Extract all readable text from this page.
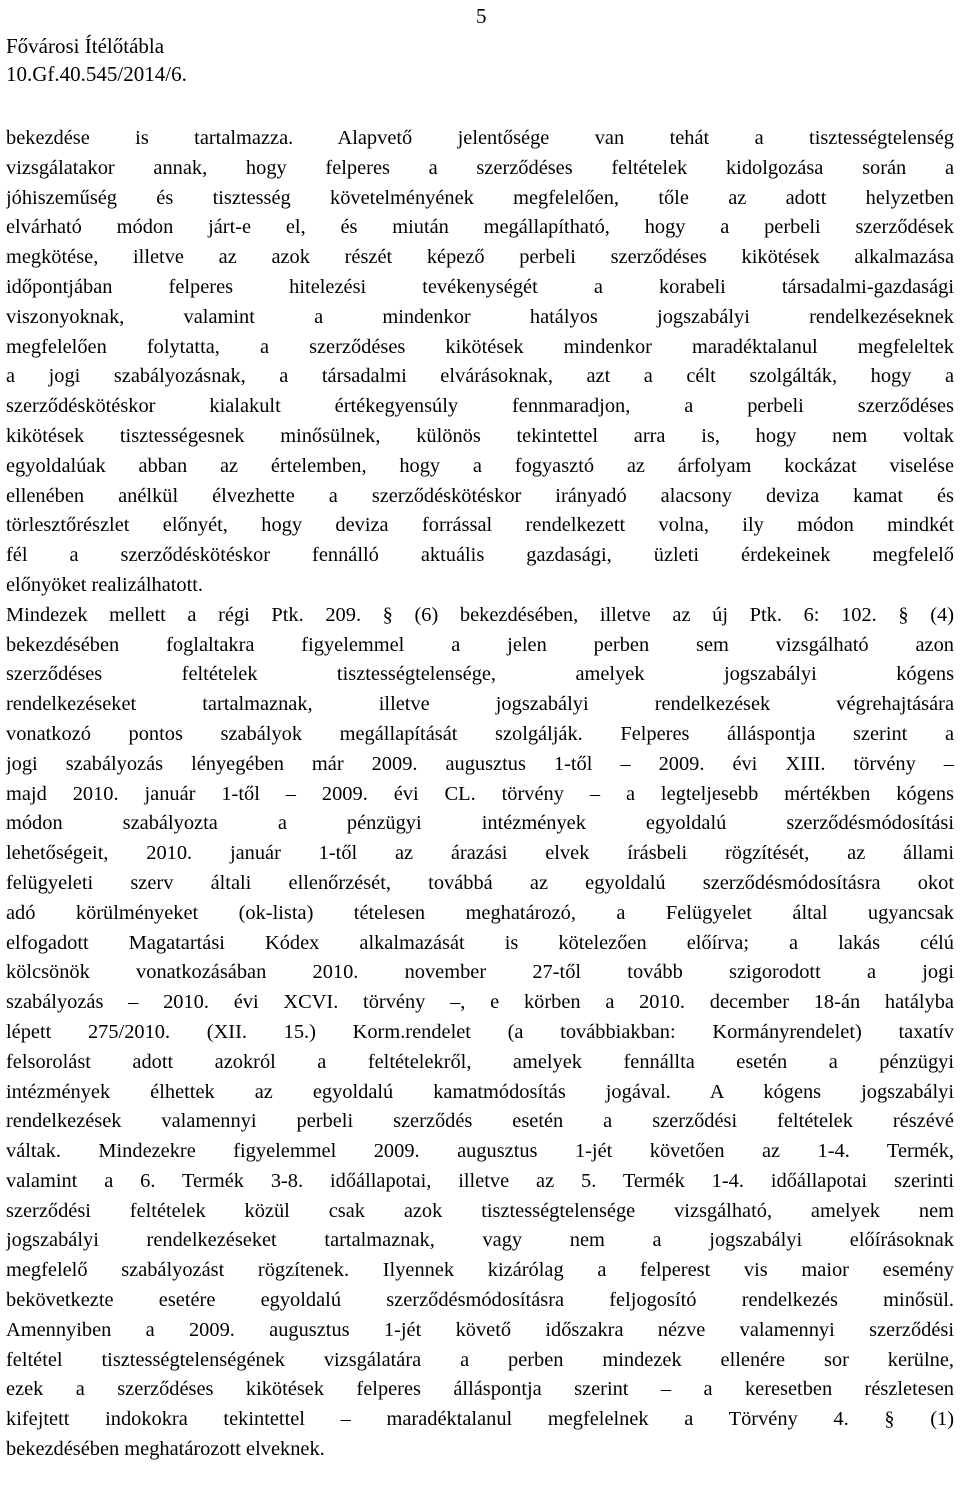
Fővárosi Ítélőtábla
10.Gf.40.545/2014/6.
5
bekezdése is tartalmazza. Alapvető jelentősége van tehát a tisztességtelenség
vizsgálatakor annak, hogy felperes a szerződéses feltételek kidolgozása során a
jóhiszeműség és tisztesség követelményének megfelelően, tőle az adott helyzetben
elvárható módon járt-e el, és miután megállapítható, hogy a perbeli szerződések
megkötése, illetve az azok részét képező perbeli szerződéses kikötések alkalmazása
időpontjában felperes hitelezési tevékenységét a korabeli társadalmi-gazdasági
viszonyoknak, valamint a mindenkor hatályos jogszabályi rendelkezéseknek
megfelelően folytatta, a szerződéses kikötések mindenkor maradéktalanul megfeleltek
a jogi szabályozásnak, a társadalmi elvárásoknak, azt a célt szolgálták, hogy a
szerződéskötéskor kialakult értékegyensúly fennmaradjon, a perbeli szerződéses
kikötések tisztességesnek minősülnek, különös tekintettel arra is, hogy nem voltak
egyoldalúak abban az értelemben, hogy a fogyasztó az árfolyam kockázat viselése
ellenében anélkül élvezhette a szerződéskötéskor irányadó alacsony deviza kamat és
törlesztőrészlet előnyét, hogy deviza forrással rendelkezett volna, ily módon mindkét
fél a szerződéskötéskor fennálló aktuális gazdasági, üzleti érdekeinek megfelelő
előnyöket realizálhatott.
Mindezek mellett a régi Ptk. 209. § (6) bekezdésében, illetve az új Ptk. 6: 102. § (4)
bekezdésében foglaltakra figyelemmel a jelen perben sem vizsgálható azon
szerződéses feltételek tisztességtelensége, amelyek jogszabályi kógens
rendelkezéseket tartalmaznak, illetve jogszabályi rendelkezések végrehajtására
vonatkozó pontos szabályok megállapítását szolgálják. Felperes álláspontja szerint a
jogi szabályozás lényegében már 2009. augusztus 1-től – 2009. évi XIII. törvény –
majd 2010. január 1-től – 2009. évi CL. törvény – a legteljesebb mértékben kógens
módon szabályozta a pénzügyi intézmények egyoldalú szerződésmódosítási
lehetőségeit, 2010. január 1-től az árazási elvek írásbeli rögzítését, az állami
felügyeleti szerv általi ellenőrzését, továbbá az egyoldalú szerződésmódosításra okot
adó körülményeket (ok-lista) tételesen meghatározó, a Felügyelet által ugyancsak
elfogadott Magatartási Kódex alkalmazását is kötelezően előírva; a lakás célú
kölcsönök vonatkozásában 2010. november 27-től tovább szigorodott a jogi
szabályozás – 2010. évi XCVI. törvény –, e körben a 2010. december 18-án hatályba
lépett 275/2010. (XII. 15.) Korm.rendelet (a továbbiakban: Kormányrendelet) taxatív
felsorolást adott azokról a feltételekről, amelyek fennállta esetén a pénzügyi
intézmények élhettek az egyoldalú kamatmódosítás jogával. A kógens jogszabályi
rendelkezések valamennyi perbeli szerződés esetén a szerződési feltételek részévé
váltak. Mindezekre figyelemmel 2009. augusztus 1-jét követően az 1-4. Termék,
valamint a 6. Termék 3-8. időállapotai, illetve az 5. Termék 1-4. időállapotai szerinti
szerződési feltételek közül csak azok tisztességtelensége vizsgálható, amelyek nem
jogszabályi rendelkezéseket tartalmaznak, vagy nem a jogszabályi előírásoknak
megfelelő szabályozást rögzítenek. Ilyennek kizárólag a felperest vis maior esemény
bekövetkezte esetére egyoldalú szerződésmódosításra feljogosító rendelkezés minősül.
Amennyiben a 2009. augusztus 1-jét követő időszakra nézve valamennyi szerződési
feltétel tisztességtelenségének vizsgálatára a perben mindezek ellenére sor kerülne,
ezek a szerződéses kikötések felperes álláspontja szerint – a keresetben részletesen
kifejtett indokokra tekintettel – maradéktalanul megfelelnek a Törvény 4. § (1)
bekezdésében meghatározott elveknek.
